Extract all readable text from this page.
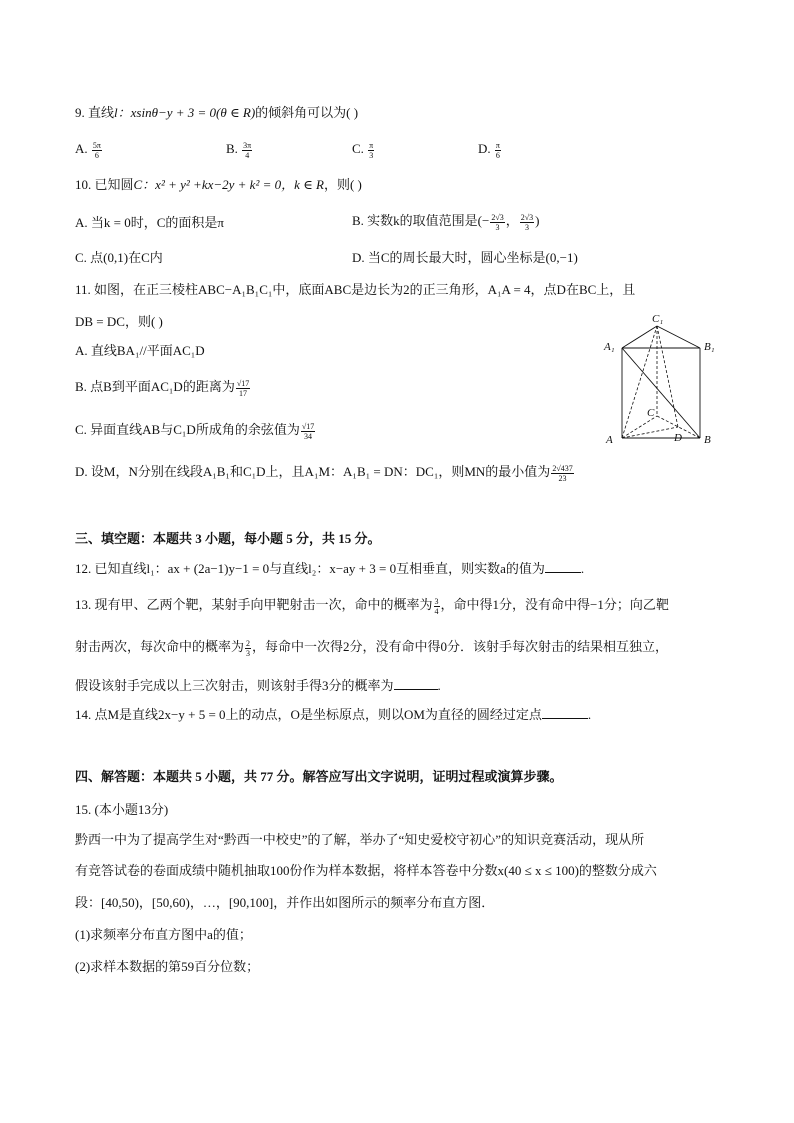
9. 直线l：xsinθ−y + 3 = 0(θ ∈ R)的倾斜角可以为( )
A. $\frac{5\pi}{6}$	B. $\frac{3\pi}{4}$	C. $\frac{\pi}{3}$	D. $\frac{\pi}{6}$
10. 已知圆C：x² + y² +kx−2y + k² = 0，k ∈ R，则( )
A. 当k = 0时，C的面积是π	B. 实数k的取值范围是(− $\frac{2√3}{3}$ ， $\frac{2√3}{3}$ )
C. 点(0,1)在C内	D. 当C的周长最大时，圆心坐标是(0,−1)
11. 如图，在正三棱柱ABC−A₁B₁C₁中，底面ABC是边长为2的正三角形，A₁A = 4，点D在BC上，且
DB = DC，则( )
A. 直线BA₁//平面AC₁D
B. 点B到平面AC₁D的距离为 $\frac{√17}{17}$
C. 异面直线AB与C₁D所成角的余弦值为 $\frac{√17}{34}$
D. 设M，N分别在线段A₁B₁和C₁D上，且A₁M：A₁B₁ = DN：DC₁，则MN的最小值为 $\frac{2√437}{23}$
C₁
A₁	B₁
C
A	D B
三、填空题：本题共 3 小题，每小题 5 分，共 15 分。
12. 已知直线l₁：ax + (2a−1)y−1 = 0与直线l₂：x−ay + 3 = 0互相垂直，则实数a的值为	.
13. 现有甲、乙两个靶，某射手向甲靶射击一次，命中的概率为 $\frac{3}{4}$ ，命中得1分，没有命中得−1分；向乙靶
射击两次，每次命中的概率为 $\frac{2}{3}$ ，每命中一次得2分，没有命中得0分．该射手每次射击的结果相互独立，
假设该射手完成以上三次射击，则该射手得3分的概率为	.
14. 点M是直线2x−y + 5 = 0上的动点，O是坐标原点，则以OM为直径的圆经过定点	.
四、解答题：本题共 5 小题，共 77 分。解答应写出文字说明，证明过程或演算步骤。
15. (本小题13分)
黔西一中为了提高学生对“黔西一中校史”的了解，举办了“知史爱校守初心”的知识竞赛活动，现从所
有竞答试卷的卷面成绩中随机抽取100份作为样本数据，将样本答卷中分数x(40 ≤ x ≤ 100)的整数分成六
段：[40,50)，[50,60)，…，[90,100]，并作出如图所示的频率分布直方图．
(1)求频率分布直方图中a的值；
(2)求样本数据的第59百分位数；
